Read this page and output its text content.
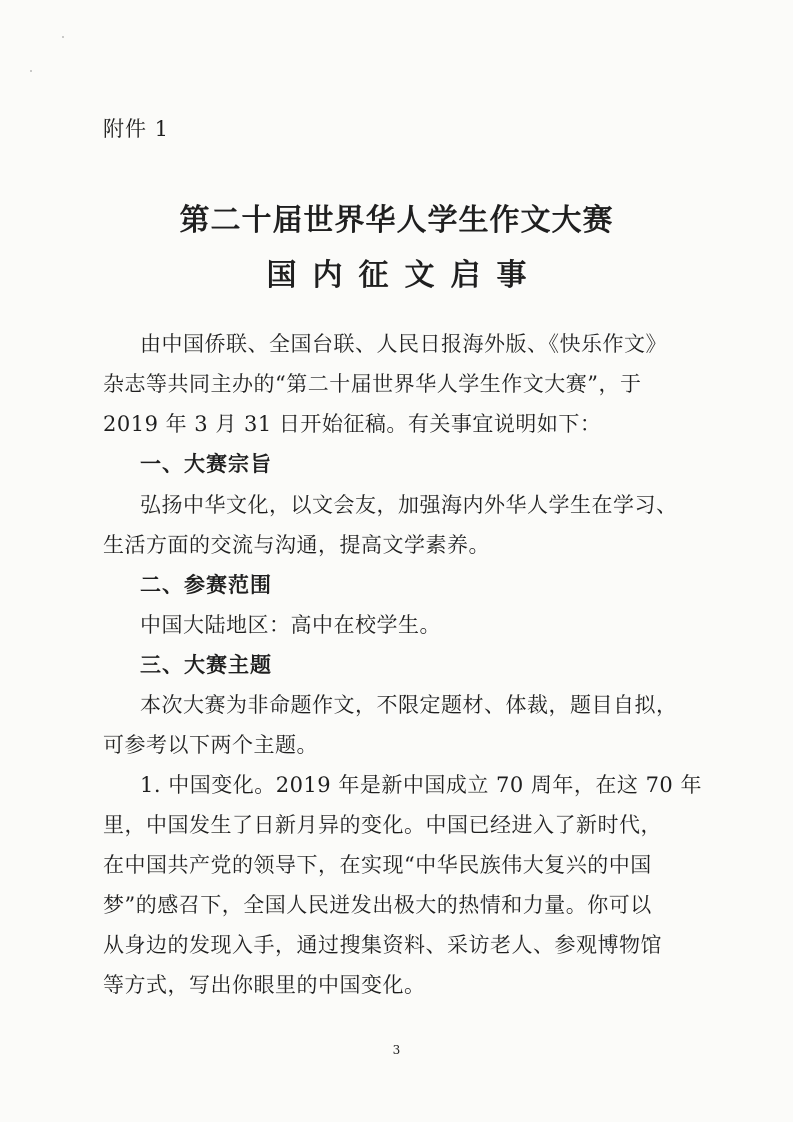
附件 1
第二十届世界华人学生作文大赛
国内征文启事
由中国侨联、全国台联、人民日报海外版、《快乐作文》
杂志等共同主办的“第二十届世界华人学生作文大赛”，于
2019 年 3 月 31 日开始征稿。有关事宜说明如下：
一、大赛宗旨
弘扬中华文化，以文会友，加强海内外华人学生在学习、
生活方面的交流与沟通，提高文学素养。
二、参赛范围
中国大陆地区：高中在校学生。
三、大赛主题
本次大赛为非命题作文，不限定题材、体裁，题目自拟，
可参考以下两个主题。
1. 中国变化。2019 年是新中国成立 70 周年，在这 70 年
里，中国发生了日新月异的变化。中国已经进入了新时代，
在中国共产党的领导下，在实现“中华民族伟大复兴的中国
梦”的感召下，全国人民迸发出极大的热情和力量。你可以
从身边的发现入手，通过搜集资料、采访老人、参观博物馆
等方式，写出你眼里的中国变化。
3
